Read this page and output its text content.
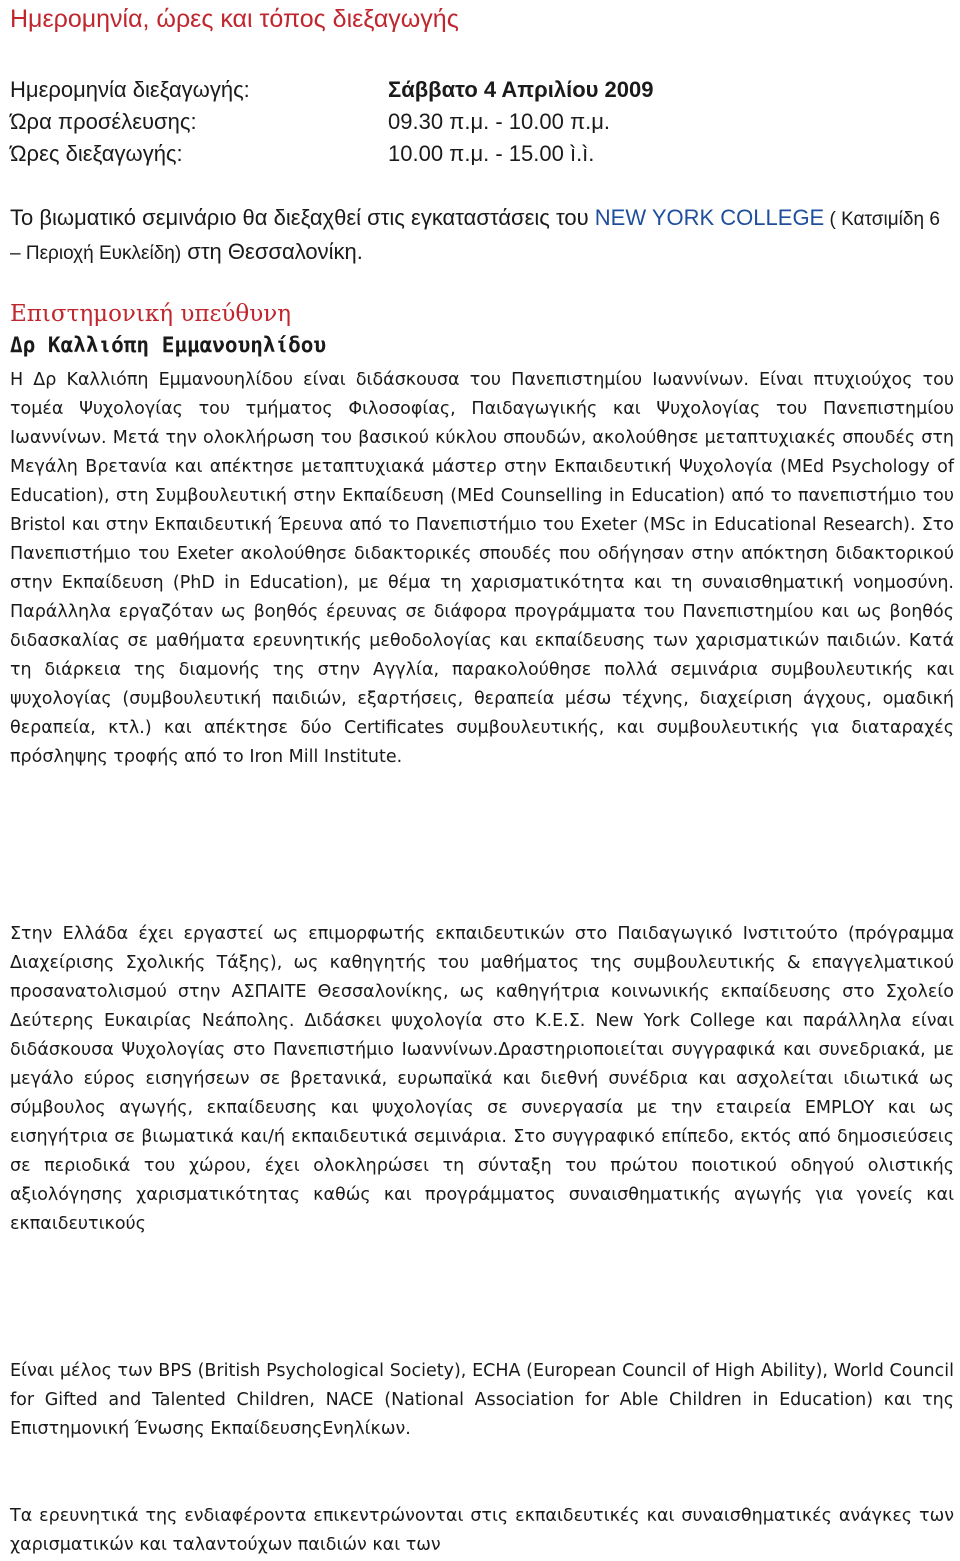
Ημερομηνία, ώρες και τόπος διεξαγωγής
Ημερομηνία διεξαγωγής:	Σάββατο 4 Απριλίου 2009
Ώρα προσέλευσης:	09.30 π.μ. - 10.00 π.μ.
Ώρες διεξαγωγής:	10.00 π.μ. - 15.00 ì.ì.
Το βιωματικό σεμινάριο θα διεξαχθεί στις εγκαταστάσεις του NEW YORK COLLEGE ( Κατσιμίδη 6 – Περιοχή Ευκλείδη) στη Θεσσαλονίκη.
Επιστημονική υπεύθυνη
Δρ Καλλιόπη Εμμανουηλίδου

Η Δρ Καλλιόπη Εμμανουηλίδου είναι διδάσκουσα του Πανεπιστημίου Ιωαννίνων. Είναι πτυχιούχος του τομέα Ψυχολογίας του τμήματος Φιλοσοφίας, Παιδαγωγικής και Ψυχολογίας του Πανεπιστημίου Ιωαννίνων. Μετά την ολοκλήρωση του βασικού κύκλου σπουδών, ακολούθησε μεταπτυχιακές σπουδές στη Μεγάλη Βρετανία και απέκτησε μεταπτυχιακά μάστερ στην Εκπαιδευτική Ψυχολογία (MEd Psychology of Education), στη Συμβουλευτική στην Εκπαίδευση (MEd Counselling in Education) από το πανεπιστήμιο του Bristol και στην Εκπαιδευτική Έρευνα από το Πανεπιστήμιο του Exeter (MSc in Educational Research). Στο Πανεπιστήμιο του Exeter ακολούθησε διδακτορικές σπουδές που οδήγησαν στην απόκτηση διδακτορικού στην Εκπαίδευση (PhD in Education), με θέμα τη χαρισματικότητα και τη συναισθηματική νοημοσύνη. Παράλληλα εργαζόταν ως βοηθός έρευνας σε διάφορα προγράμματα του Πανεπιστημίου και ως βοηθός διδασκαλίας σε μαθήματα ερευνητικής μεθοδολογίας και εκπαίδευσης των χαρισματικών παιδιών. Κατά τη διάρκεια της διαμονής της στην Αγγλία, παρακολούθησε πολλά σεμινάρια συμβουλευτικής και ψυχολογίας (συμβουλευτική παιδιών, εξαρτήσεις, θεραπεία μέσω τέχνης, διαχείριση άγχους, ομαδική θεραπεία, κτλ.) και απέκτησε δύο Certificates συμβουλευτικής, και συμβουλευτικής για διαταραχές πρόσληψης τροφής από το Iron Mill Institute.

Στην Ελλάδα έχει εργαστεί ως επιμορφωτής εκπαιδευτικών στο Παιδαγωγικό Ινστιτούτο (πρόγραμμα Διαχείρισης Σχολικής Τάξης), ως καθηγητής του μαθήματος της συμβουλευτικής & επαγγελματικού προσανατολισμού στην ΑΣΠΑΙΤΕ Θεσσαλονίκης, ως καθηγήτρια κοινωνικής εκπαίδευσης στο Σχολείο Δεύτερης Ευκαιρίας Νεάπολης. Διδάσκει ψυχολογία στο Κ.Ε.Σ. New York College και παράλληλα είναι διδάσκουσα Ψυχολογίας στο Πανεπιστήμιο Ιωαννίνων.Δραστηριοποιείται συγγραφικά και συνεδριακά, με μεγάλο εύρος εισηγήσεων σε βρετανικά, ευρωπαϊκά και διεθνή συνέδρια και ασχολείται ιδιωτικά ως σύμβουλος αγωγής, εκπαίδευσης και ψυχολογίας σε συνεργασία με την εταιρεία EMPLOY και ως εισηγήτρια σε βιωματικά και/ή εκπαιδευτικά σεμινάρια. Στο συγγραφικό επίπεδο, εκτός από δημοσιεύσεις σε περιοδικά του χώρου, έχει ολοκληρώσει τη σύνταξη του πρώτου ποιοτικού οδηγού ολιστικής αξιολόγησης χαρισματικότητας καθώς και προγράμματος συναισθηματικής αγωγής για γονείς και εκπαιδευτικούς

Είναι μέλος των BPS (British Psychological Society), ECHA (European Council of High Ability), World Council for Gifted and Talented Children, NACE (National Association for Able Children in Education) και της Επιστημονική Ένωσης ΕκπαίδευσηςΕνηλίκων.

Τα ερευνητικά της ενδιαφέροντα επικεντρώνονται στις εκπαιδευτικές και συναισθηματικές ανάγκες των χαρισματικών και ταλαντούχων παιδιών και των
